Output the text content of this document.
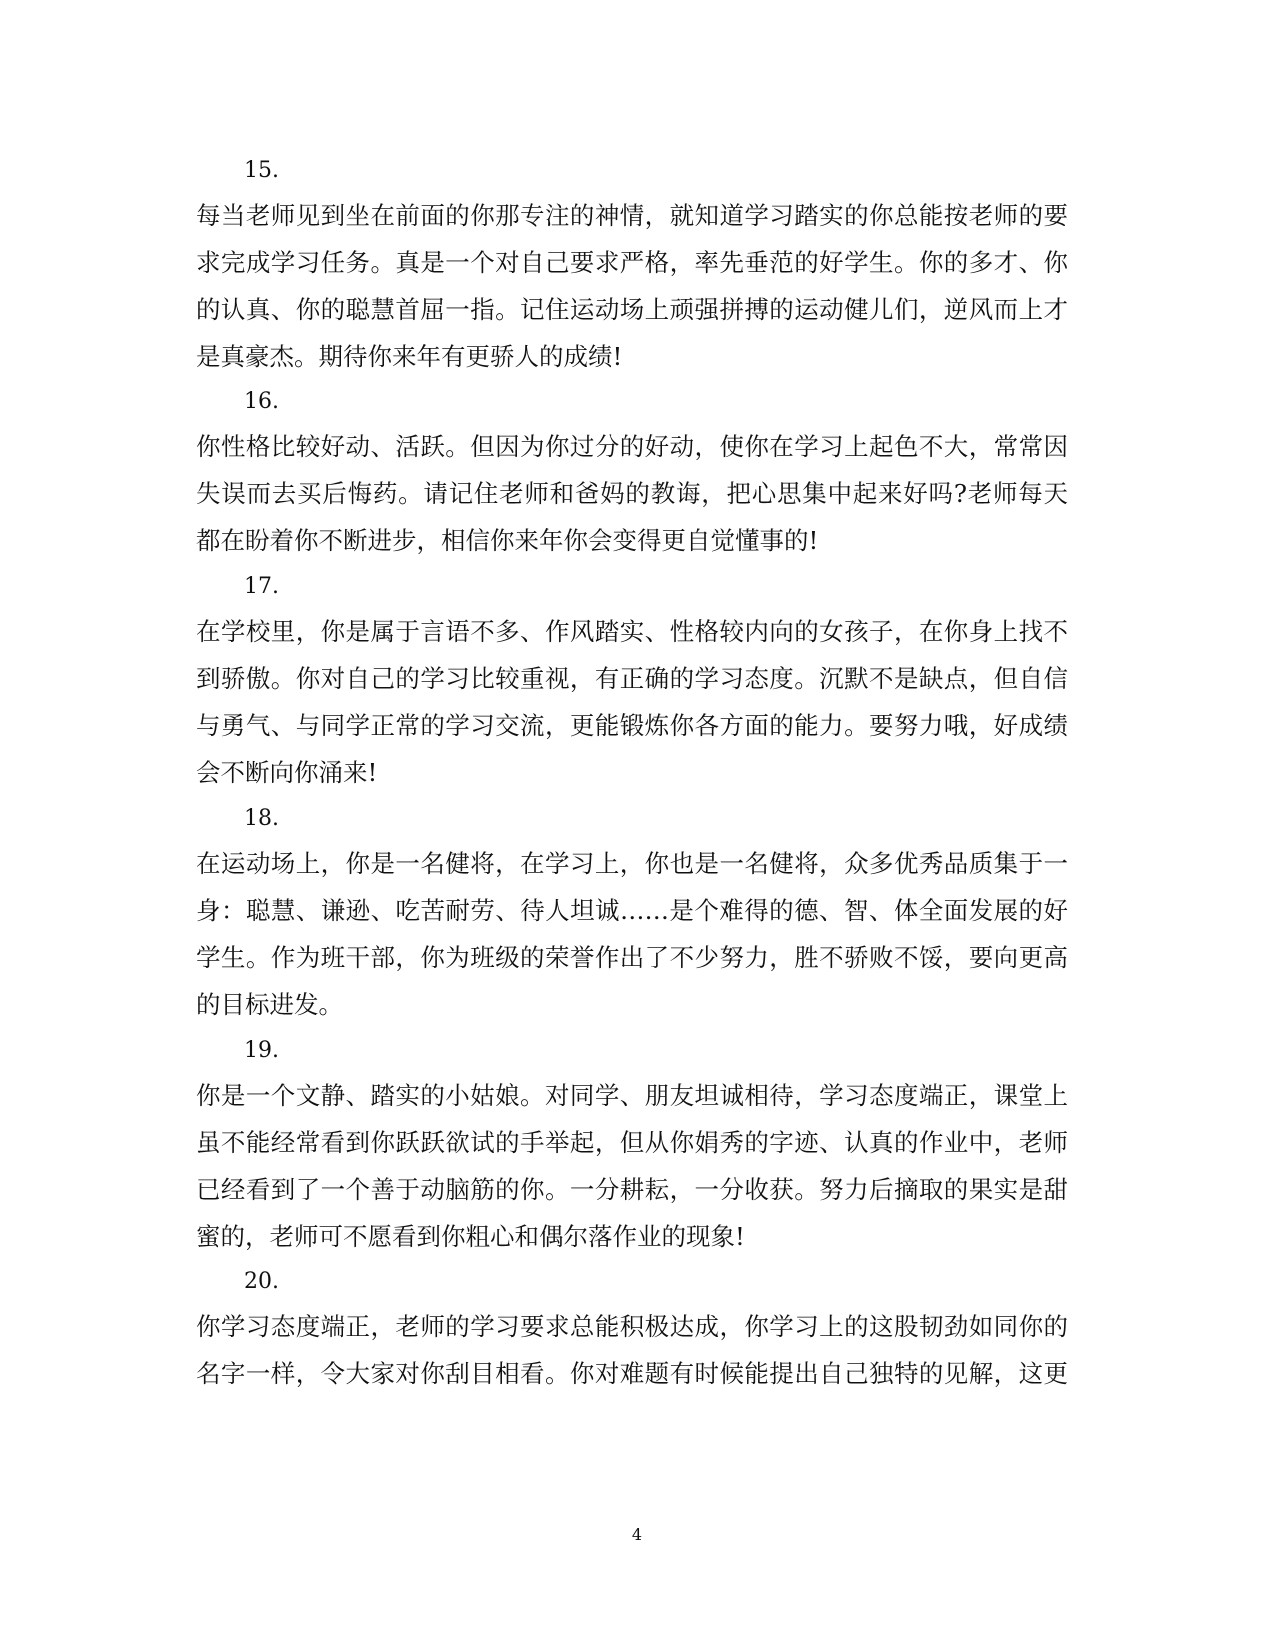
15.
每当老师见到坐在前面的你那专注的神情，就知道学习踏实的你总能按老师的要
求完成学习任务。真是一个对自己要求严格，率先垂范的好学生。你的多才、你
的认真、你的聪慧首屈一指。记住运动场上顽强拼搏的运动健儿们，逆风而上才
是真豪杰。期待你来年有更骄人的成绩!
16.
你性格比较好动、活跃。但因为你过分的好动，使你在学习上起色不大，常常因
失误而去买后悔药。请记住老师和爸妈的教诲，把心思集中起来好吗?老师每天
都在盼着你不断进步，相信你来年你会变得更自觉懂事的!
17.
在学校里，你是属于言语不多、作风踏实、性格较内向的女孩子，在你身上找不
到骄傲。你对自己的学习比较重视，有正确的学习态度。沉默不是缺点，但自信
与勇气、与同学正常的学习交流，更能锻炼你各方面的能力。要努力哦，好成绩
会不断向你涌来!
18.
在运动场上，你是一名健将，在学习上，你也是一名健将，众多优秀品质集于一
身：聪慧、谦逊、吃苦耐劳、待人坦诚……是个难得的德、智、体全面发展的好
学生。作为班干部，你为班级的荣誉作出了不少努力，胜不骄败不馁，要向更高
的目标进发。
19.
你是一个文静、踏实的小姑娘。对同学、朋友坦诚相待，学习态度端正，课堂上
虽不能经常看到你跃跃欲试的手举起，但从你娟秀的字迹、认真的作业中，老师
已经看到了一个善于动脑筋的你。一分耕耘，一分收获。努力后摘取的果实是甜
蜜的，老师可不愿看到你粗心和偶尔落作业的现象!
20.
你学习态度端正，老师的学习要求总能积极达成，你学习上的这股韧劲如同你的
名字一样，令大家对你刮目相看。你对难题有时候能提出自己独特的见解，这更
4
